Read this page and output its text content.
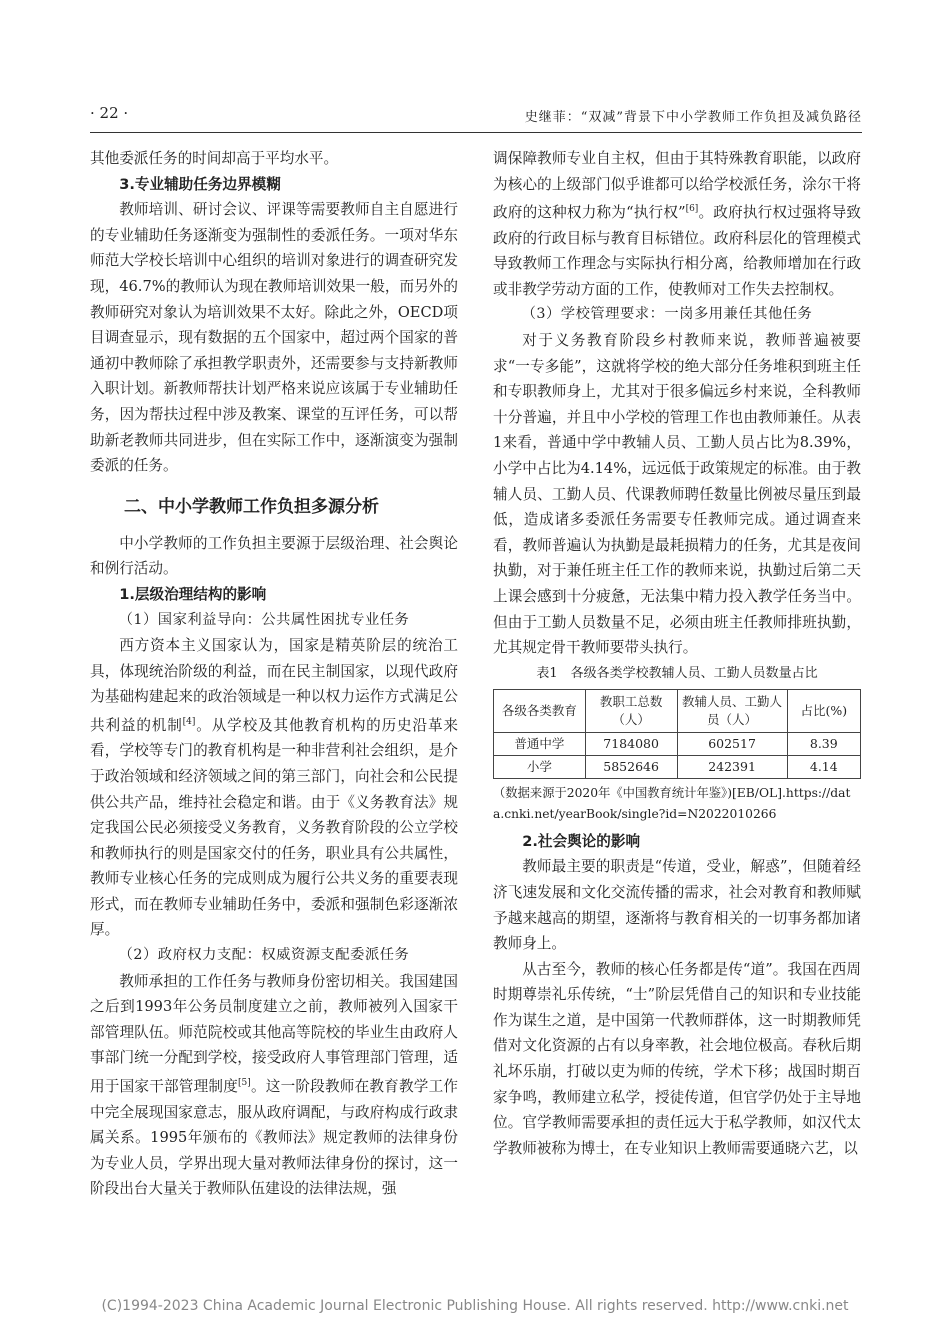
· 22 ·	史继菲：“双减”背景下中小学教师工作负担及减负路径

其他委派任务的时间却高于平均水平。

3.专业辅助任务边界模糊

教师培训、研讨会议、评课等需要教师自主自愿进行的专业辅助任务逐渐变为强制性的委派任务。一项对华东师范大学校长培训中心组织的培训对象进行的调查研究发现，46.7%的教师认为现在教师培训效果一般，而另外的教师研究对象认为培训效果不太好。除此之外，OECD项目调查显示，现有数据的五个国家中，超过两个国家的普通初中教师除了承担教学职责外，还需要参与支持新教师入职计划。新教师帮扶计划严格来说应该属于专业辅助任务，因为帮扶过程中涉及教案、课堂的互评任务，可以帮助新老教师共同进步，但在实际工作中，逐渐演变为强制委派的任务。

二、中小学教师工作负担多源分析

中小学教师的工作负担主要源于层级治理、社会舆论和例行活动。

1.层级治理结构的影响
（1）国家利益导向：公共属性困扰专业任务

西方资本主义国家认为，国家是精英阶层的统治工具，体现统治阶级的利益，而在民主制国家，以现代政府为基础构建起来的政治领域是一种以权力运作方式满足公共利益的机制[4]。从学校及其他教育机构的历史沿革来看，学校等专门的教育机构是一种非营利社会组织，是介于政治领域和经济领域之间的第三部门，向社会和公民提供公共产品，维持社会稳定和谐。由于《义务教育法》规定我国公民必须接受义务教育，义务教育阶段的公立学校和教师执行的则是国家交付的任务，职业具有公共属性，教师专业核心任务的完成则成为履行公共义务的重要表现形式，而在教师专业辅助任务中，委派和强制色彩逐渐浓厚。

（2）政府权力支配：权威资源支配委派任务

教师承担的工作任务与教师身份密切相关。我国建国之后到1993年公务员制度建立之前，教师被列入国家干部管理队伍。师范院校或其他高等院校的毕业生由政府人事部门统一分配到学校，接受政府人事管理部门管理，适用于国家干部管理制度[5]。这一阶段教师在教育教学工作中完全展现国家意志，服从政府调配，与政府构成行政隶属关系。1995年颁布的《教师法》规定教师的法律身份为专业人员，学界出现大量对教师法律身份的探讨，这一阶段出台大量关于教师队伍建设的法律法规，强

调保障教师专业自主权，但由于其特殊教育职能，以政府为核心的上级部门似乎谁都可以给学校派任务，涂尔干将政府的这种权力称为“执行权”[6]。政府执行权过强将导致政府的行政目标与教育目标错位。政府科层化的管理模式导致教师工作理念与实际执行相分离，给教师增加在行政或非教学劳动方面的工作，使教师对工作失去控制权。

（3）学校管理要求：一岗多用兼任其他任务

对于义务教育阶段乡村教师来说，教师普遍被要求“一专多能”，这就将学校的绝大部分任务堆积到班主任和专职教师身上，尤其对于很多偏远乡村来说，全科教师十分普遍，并且中小学校的管理工作也由教师兼任。从表1来看，普通中学中教辅人员、工勤人员占比为8.39%，小学中占比为4.14%，远远低于政策规定的标准。由于教辅人员、工勤人员、代课教师聘任数量比例被尽量压到最低，造成诸多委派任务需要专任教师完成。通过调查来看，教师普遍认为执勤是最耗损精力的任务，尤其是夜间执勤，对于兼任班主任工作的教师来说，执勤过后第二天上课会感到十分疲惫，无法集中精力投入教学任务当中。但由于工勤人员数量不足，必须由班主任教师排班执勤，尤其规定骨干教师要带头执行。

表1　各级各类学校教辅人员、工勤人员数量占比
各级各类教育	教职工总数（人）	教辅人员、工勤人员（人）	占比(%)
普通中学	7184080	602517	8.39
小学	5852646	242391	4.14
（数据来源于2020年《中国教育统计年鉴》)[EB/OL].https://data.cnki.net/yearBook/single?id=N2022010266
2.社会舆论的影响

教师最主要的职责是“传道，受业，解惑”，但随着经济飞速发展和文化交流传播的需求，社会对教育和教师赋予越来越高的期望，逐渐将与教育相关的一切事务都加诸教师身上。

从古至今，教师的核心任务都是传“道”。我国在西周时期尊崇礼乐传统，“士”阶层凭借自己的知识和专业技能作为谋生之道，是中国第一代教师群体，这一时期教师凭借对文化资源的占有以身率教，社会地位极高。春秋后期礼坏乐崩，打破以吏为师的传统，学术下移；战国时期百家争鸣，教师建立私学，授徒传道，但官学仍处于主导地位。官学教师需要承担的责任远大于私学教师，如汉代太学教师被称为博士，在专业知识上教师需要通晓六艺，以

(C)1994-2023 China Academic Journal Electronic Publishing House. All rights reserved. http://www.cnki.net
